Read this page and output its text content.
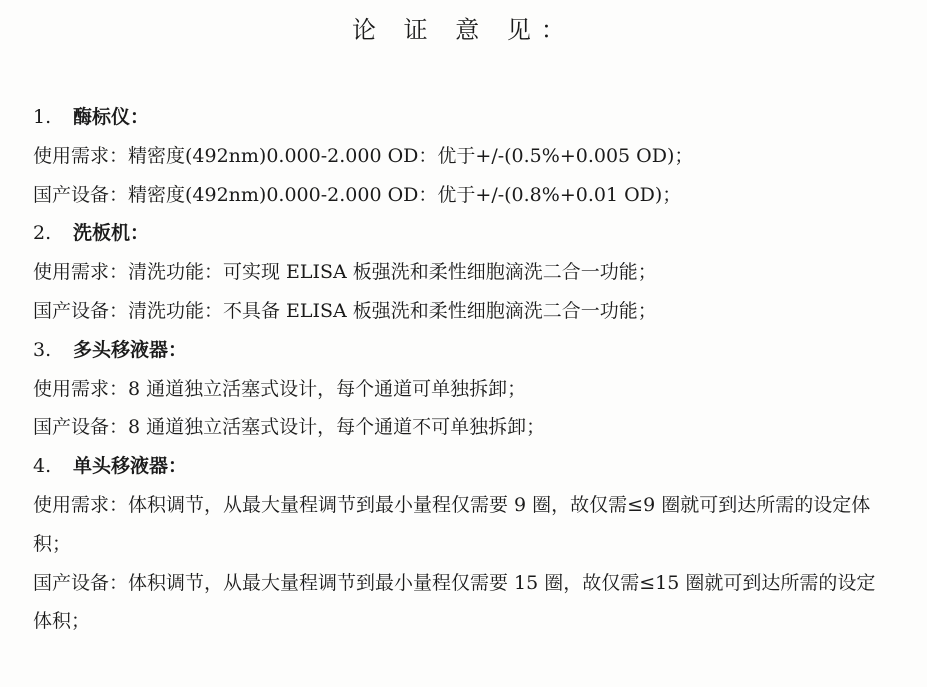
论 证 意 见：
1. 酶标仪：
使用需求：精密度(492nm)0.000-2.000 OD：优于+/-(0.5%+0.005 OD)；
国产设备：精密度(492nm)0.000-2.000 OD：优于+/-(0.8%+0.01 OD)；
2. 洗板机：
使用需求：清洗功能：可实现 ELISA 板强洗和柔性细胞滴洗二合一功能；
国产设备：清洗功能：不具备 ELISA 板强洗和柔性细胞滴洗二合一功能；
3. 多头移液器：
使用需求：8 通道独立活塞式设计，每个通道可单独拆卸；
国产设备：8 通道独立活塞式设计，每个通道不可单独拆卸；
4. 单头移液器：
使用需求：体积调节，从最大量程调节到最小量程仅需要 9 圈，故仅需≤9 圈就可到达所需的设定体积；
国产设备：体积调节，从最大量程调节到最小量程仅需要 15 圈，故仅需≤15 圈就可到达所需的设定体积；
